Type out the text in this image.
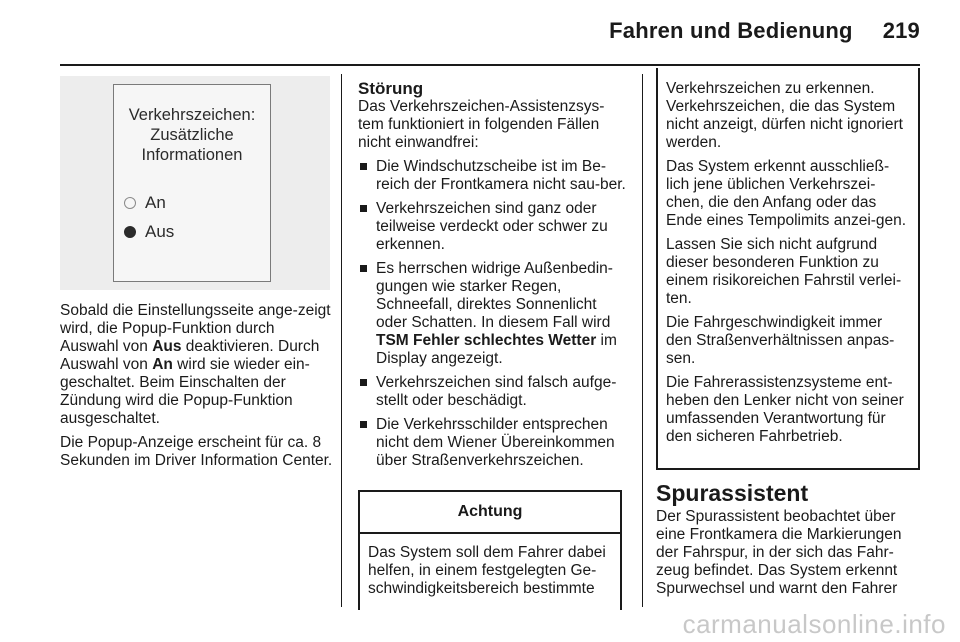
Fahren und Bedienung 219
Verkehrszeichen:
Zusätzliche
Informationen
An
Aus

Sobald die Einstellungsseite ange-zeigt wird, die Popup-Funktion durch Auswahl von Aus deaktivieren. Durch Auswahl von An wird sie wieder ein-geschaltet. Beim Einschalten der Zündung wird die Popup-Funktion ausgeschaltet.

Die Popup-Anzeige erscheint für ca. 8 Sekunden im Driver Information Center.

Störung

Das Verkehrszeichen-Assistenzsys-tem funktioniert in folgenden Fällen nicht einwandfrei:

Die Windschutzscheibe ist im Be-reich der Frontkamera nicht sau-ber.
Verkehrszeichen sind ganz oder teilweise verdeckt oder schwer zu erkennen.
Es herrschen widrige Außenbedin-gungen wie starker Regen, Schneefall, direktes Sonnenlicht oder Schatten. In diesem Fall wird TSM Fehler schlechtes Wetter im Display angezeigt.
Verkehrszeichen sind falsch aufge-stellt oder beschädigt.
Die Verkehrsschilder entsprechen nicht dem Wiener Übereinkommen über Straßenverkehrszeichen.
Achtung
Das System soll dem Fahrer dabei helfen, in einem festgelegten Ge-schwindigkeitsbereich bestimmte

Verkehrszeichen zu erkennen. Verkehrszeichen, die das System nicht anzeigt, dürfen nicht ignoriert werden.

Das System erkennt ausschließ-lich jene üblichen Verkehrszei-chen, die den Anfang oder das Ende eines Tempolimits anzei-gen.

Lassen Sie sich nicht aufgrund dieser besonderen Funktion zu einem risikoreichen Fahrstil verlei-ten.

Die Fahrgeschwindigkeit immer den Straßenverhältnissen anpas-sen.

Die Fahrerassistenzsysteme ent-heben den Lenker nicht von seiner umfassenden Verantwortung für den sicheren Fahrbetrieb.

Spurassistent

Der Spurassistent beobachtet über eine Frontkamera die Markierungen der Fahrspur, in der sich das Fahr-zeug befindet. Das System erkennt Spurwechsel und warnt den Fahrer

carmanualsonline.info
